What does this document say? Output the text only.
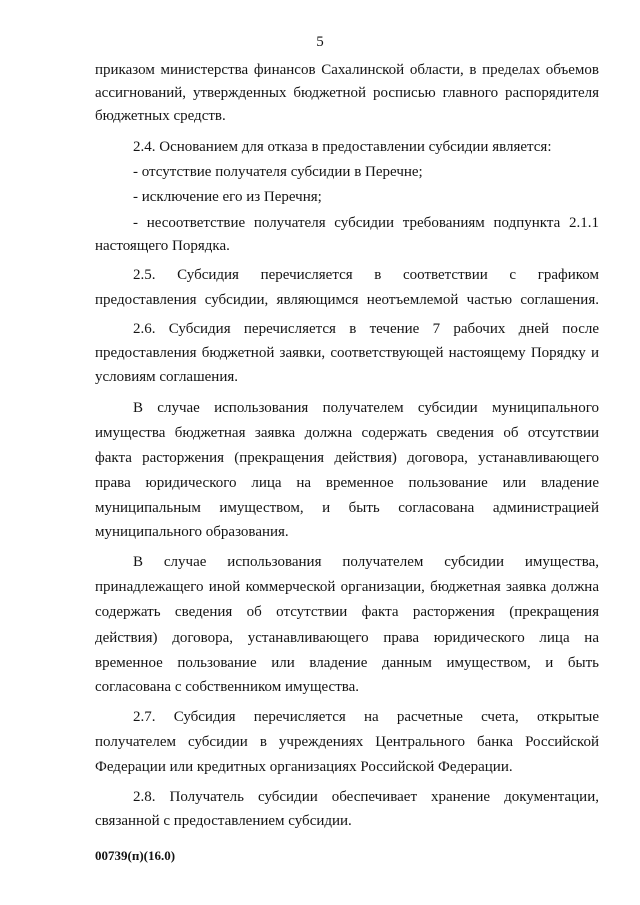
5
приказом министерства финансов Сахалинской области, в пределах объемов
ассигнований, утвержденных бюджетной росписью главного распорядителя
бюджетных средств.
2.4. Основанием для отказа в предоставлении субсидии является:
- отсутствие получателя субсидии в Перечне;
- исключение его из Перечня;
- несоответствие получателя субсидии требованиям подпункта 2.1.1
настоящего Порядка.
2.5. Субсидия перечисляется в соответствии с графиком
предоставления субсидии, являющимся неотъемлемой частью соглашения.
2.6. Субсидия перечисляется в течение 7 рабочих дней после
предоставления бюджетной заявки, соответствующей настоящему Порядку и
условиям соглашения.
В случае использования получателем субсидии муниципального
имущества бюджетная заявка должна содержать сведения об отсутствии
факта расторжения (прекращения действия) договора, устанавливающего
права юридического лица на временное пользование или владение
муниципальным имуществом, и быть согласована администрацией
муниципального образования.
В случае использования получателем субсидии имущества,
принадлежащего иной коммерческой организации, бюджетная заявка должна
содержать сведения об отсутствии факта расторжения (прекращения
действия) договора, устанавливающего права юридического лица на
временное пользование или владение данным имуществом, и быть
согласована с собственником имущества.
2.7. Субсидия перечисляется на расчетные счета, открытые
получателем субсидии в учреждениях Центрального банка Российской
Федерации или кредитных организациях Российской Федерации.
2.8. Получатель субсидии обеспечивает хранение документации,
связанной с предоставлением субсидии.
00739(п)(16.0)
